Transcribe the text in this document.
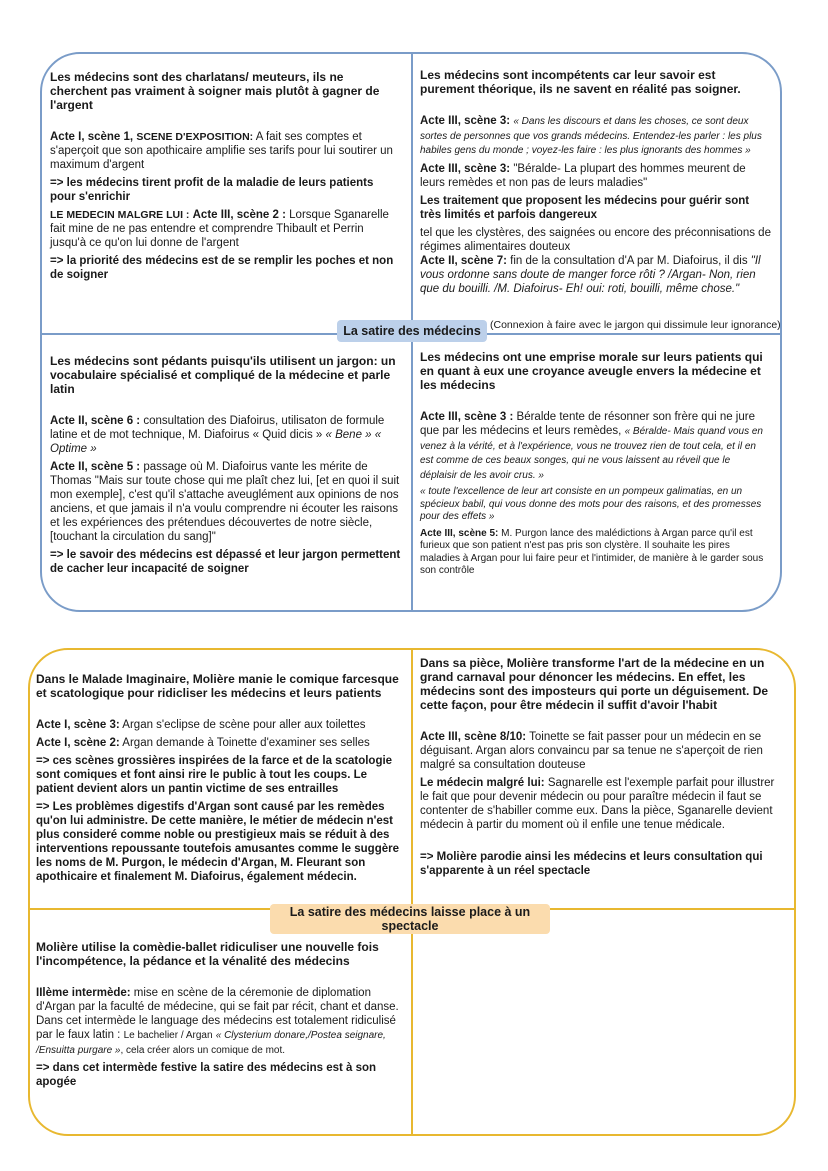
Les médecins sont des charlatans/ meuteurs, ils ne cherchent pas vraiment à soigner mais plutôt à gagner de l'argent

Acte I, scène 1, SCENE D'EXPOSITION: A fait ses comptes et s'aperçoit que son apothicaire amplifie ses tarifs pour lui soutirer un maximum d'argent

=> les médecins tirent profit de la maladie de leurs patients pour s'enrichir

LE MEDECIN MALGRE LUI : Acte III, scène 2 : Lorsque Sganarelle fait mine de ne pas entendre et comprendre Thibault et Perrin jusqu'à ce qu'on lui donne de l'argent

=> la priorité des médecins est de se remplir les poches et non de soigner

Les médecins sont incompétents car leur savoir est purement théorique, ils ne savent en réalité pas soigner.

Acte III, scène 3: « Dans les discours et dans les choses, ce sont deux sortes de personnes que vos grands médecins. Entendez-les parler : les plus habiles gens du monde ; voyez-les faire : les plus ignorants des hommes »

Acte III, scène 3: "Béralde- La plupart des hommes meurent de leurs remèdes et non pas de leurs maladies"

Les traitement que proposent les médecins pour guérir sont très limités et parfois dangereux

tel que les clystères, des saignées ou encore des préconnisations de régimes alimentaires douteux

Acte II, scène 7: fin de la consultation d'A par M. Diafoirus, il dis "Il vous ordonne sans doute de manger force rôti ? /Argan- Non, rien que du bouilli. /M. Diafoirus- Eh! oui: roti, bouilli, même chose."

Les médecins sont pédants puisqu'ils utilisent un jargon: un vocabulaire spécialisé et compliqué de la médecine et parle latin

Acte II, scène 6 : consultation des Diafoirus, utilisaton de formule latine et de mot technique, M. Diafoirus « Quid dicis » « Bene » « Optime »

Acte II, scène 5 : passage où M. Diafoirus vante les mérite de Thomas "Mais sur toute chose qui me plaît chez lui, [et en quoi il suit mon exemple], c'est qu'il s'attache aveuglément aux opinions de nos anciens, et que jamais il n'a voulu comprendre ni écouter les raisons et les expériences des prétendues découvertes de notre siècle, [touchant la circulation du sang]"

=> le savoir des médecins est dépassé et leur jargon permettent de cacher leur incapacité de soigner

Les médecins ont une emprise morale sur leurs patients qui en quant à eux une croyance aveugle envers la médecine et les médecins

Acte III, scène 3 : Béralde tente de résonner son frère qui ne jure que par les médecins et leurs remèdes, « Béralde- Mais quand vous en venez à la vérité, et à l'expérience, vous ne trouvez rien de tout cela, et il en est comme de ces beaux songes, qui ne vous laissent au réveil que le déplaisir de les avoir crus. »

« toute l'excellence de leur art consiste en un pompeux galimatias, en un spécieux babil, qui vous donne des mots pour des raisons, et des promesses pour des effets »

Acte III, scène 5: M. Purgon lance des malédictions à Argan parce qu'il est furieux que son patient n'est pas pris son clystère. Il souhaite les pires maladies à Argan pour lui faire peur et l'intimider, de manière à le garder sous son contrôle

La satire des médecins (Connexion à faire avec le jargon qui dissimule leur ignorance)

Dans le Malade Imaginaire, Molière manie le comique farcesque et scatologique pour ridicliser les médecins et leurs patients

Acte I, scène 3: Argan s'eclipse de scène pour aller aux toilettes

Acte I, scène 2: Argan demande à Toinette d'examiner ses selles

=> ces scènes grossières inspirées de la farce et de la scatologie sont comiques et font ainsi rire le public à tout les coups. Le patient devient alors un pantin victime de ses entrailles

=> Les problèmes digestifs d'Argan sont causé par les remèdes qu'on lui administre. De cette manière, le métier de médecin n'est plus consideré comme noble ou prestigieux mais se réduit à des interventions repoussante toutefois amusantes comme le suggère les noms de M. Purgon, le médecin d'Argan, M. Fleurant son apothicaire et finalement M. Diafoirus, également médecin.

Dans sa pièce, Molière transforme l'art de la médecine en un grand carnaval pour dénoncer les médecins. En effet, les médecins sont des imposteurs qui porte un déguisement. De cette façon, pour être médecin il suffit d'avoir l'habit

Acte III, scène 8/10: Toinette se fait passer pour un médecin en se déguisant. Argan alors convaincu par sa tenue ne s'aperçoit de rien malgré sa consultation douteuse

Le médecin malgré lui: Sagnarelle est l'exemple parfait pour illustrer le fait que pour devenir médecin ou pour paraître médecin il faut se contenter de s'habiller comme eux. Dans la pièce, Sganarelle devient médecin à partir du moment où il enfile une tenue médicale.

=> Molière parodie ainsi les médecins et leurs consultation qui s'apparente à un réel spectacle

Molière utilise la comèdie-ballet ridiculiser une nouvelle fois l'incompétence, la pédance et la vénalité des médecins

IIlème intermède: mise en scène de la céremonie de diplomation d'Argan par la faculté de médecine, qui se fait par récit, chant et danse. Dans cet intermède le language des médecins est totalement ridiculisé par le faux latin : Le bachelier / Argan « Clysterium donare,/Postea seignare, /Ensuitta purgare », cela créer alors un comique de mot.

=> dans cet intermède festive la satire des médecins est à son apogée

La satire des médecins laisse place à un spectacle
